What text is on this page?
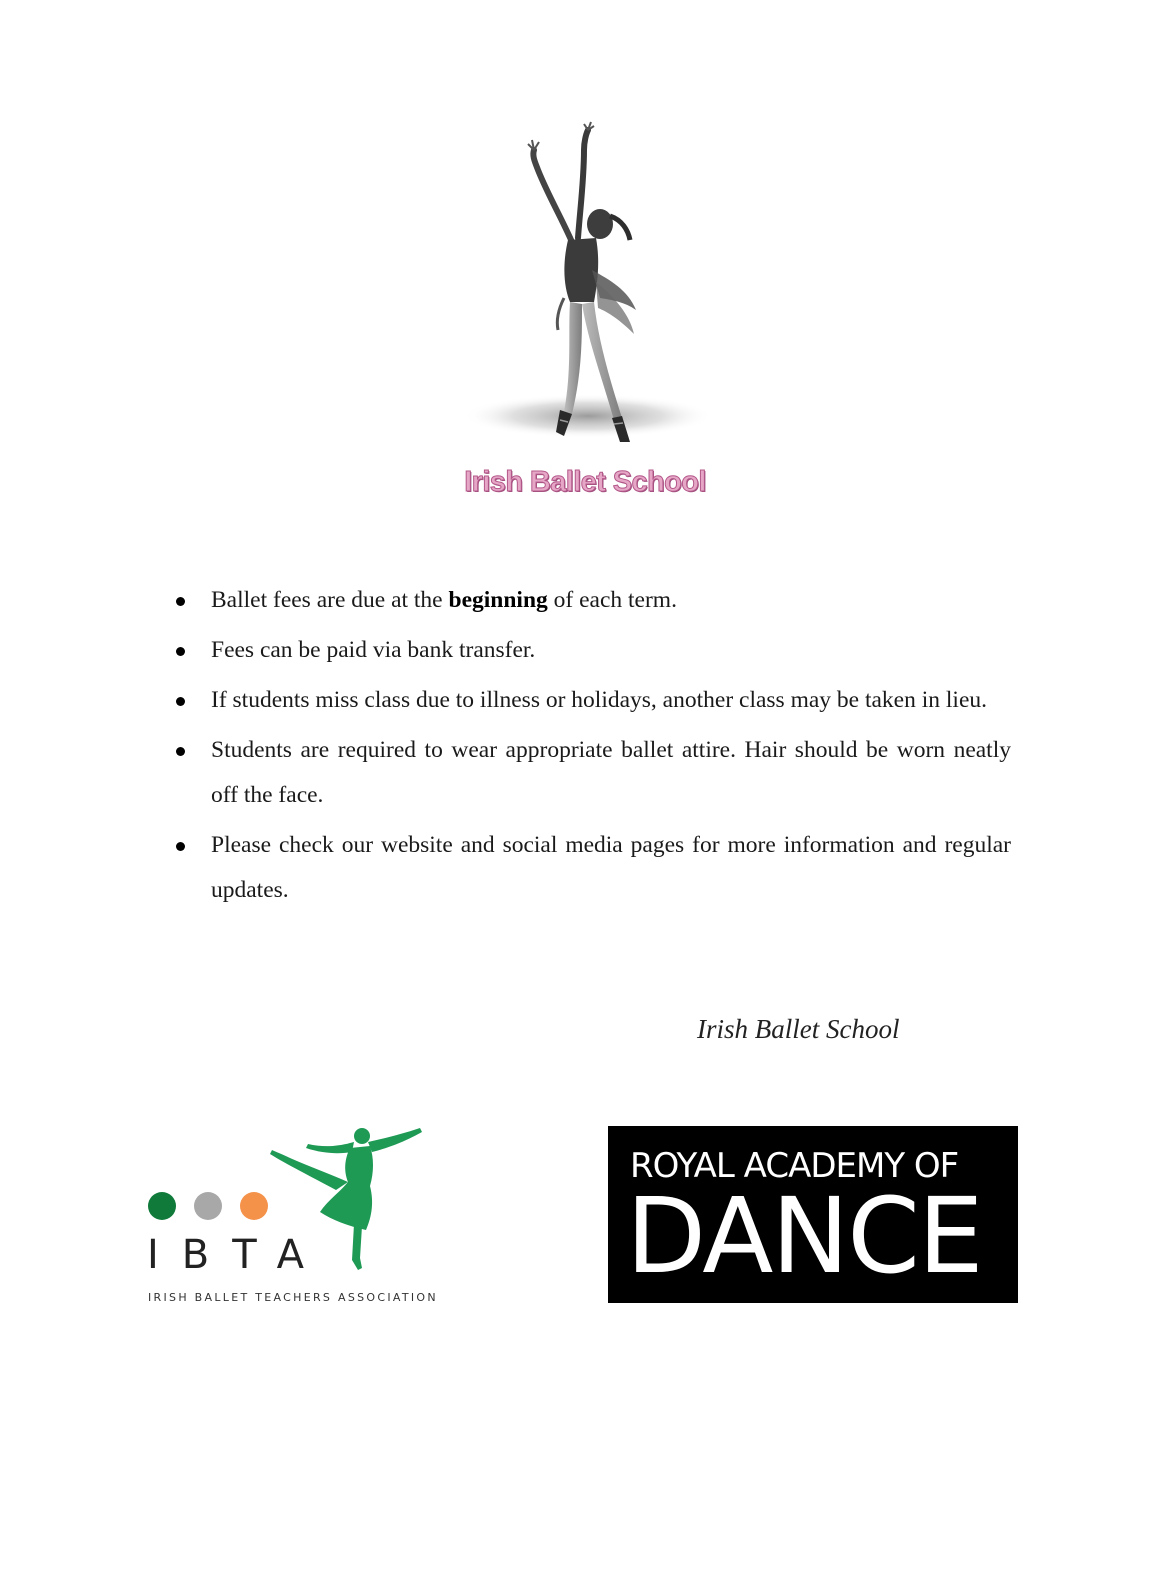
Irish Ballet School
Ballet fees are due at the beginning of each term.
Fees can be paid via bank transfer.
If students miss class due to illness or holidays, another class may be taken in lieu.
Students are required to wear appropriate ballet attire. Hair should be worn neatly off the face.
Please check our website and social media pages for more information and regular updates.
Irish Ballet School
IBTA
IRISH BALLET TEACHERS ASSOCIATION
ROYAL ACADEMY OF
DANCE
